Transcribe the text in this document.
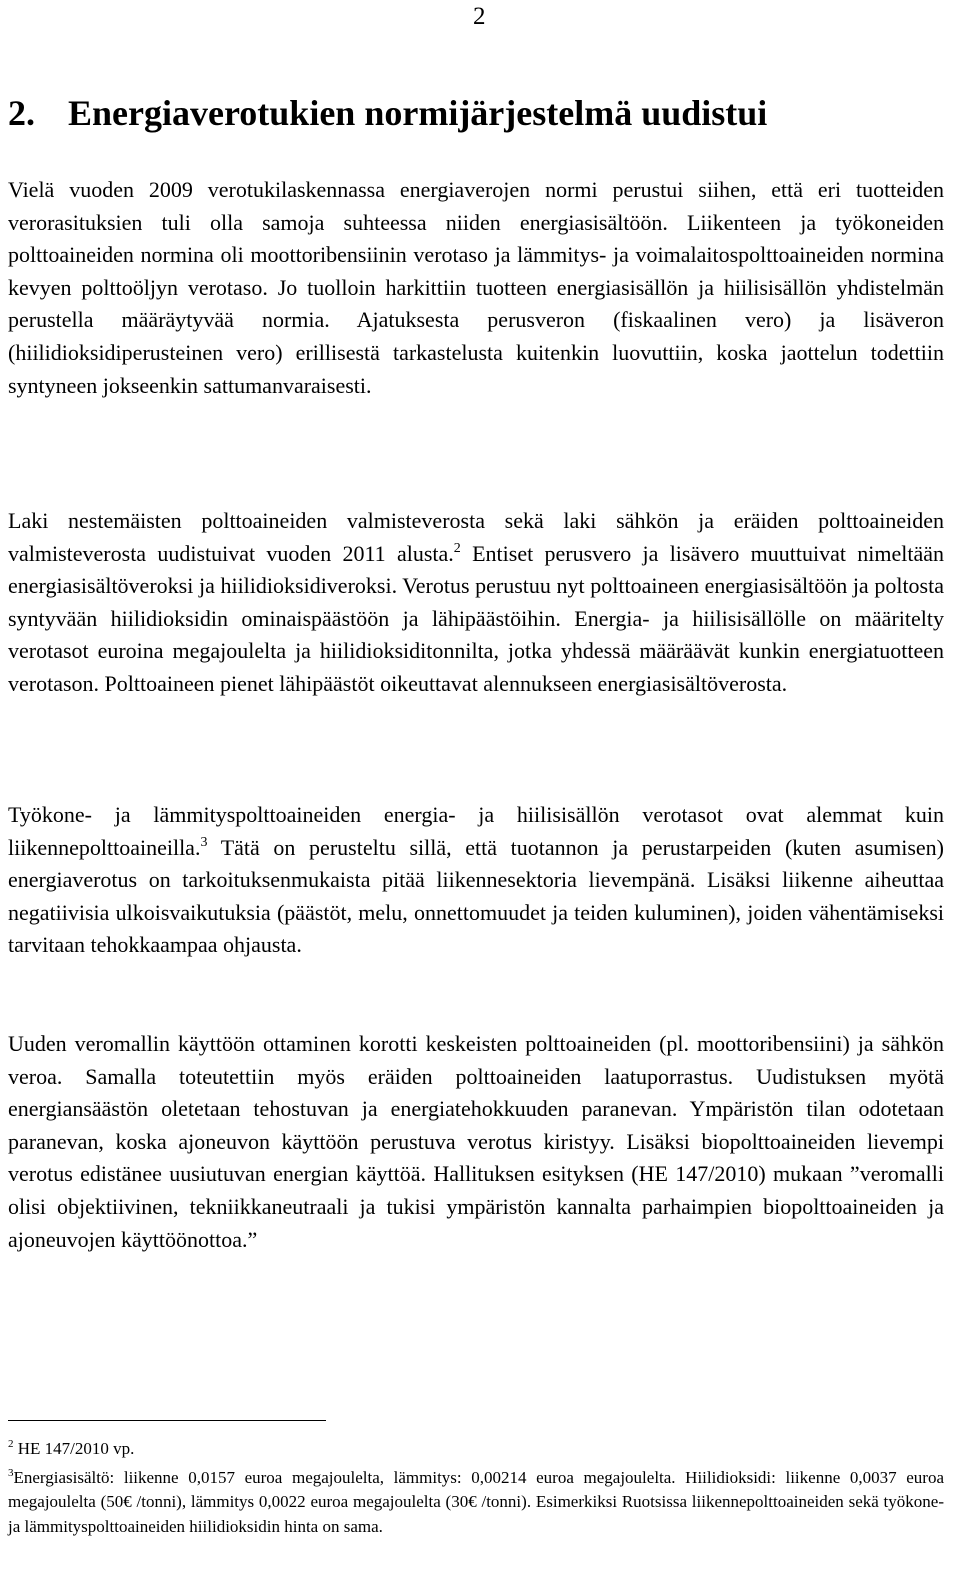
2
2. Energiaverotukien normijärjestelmä uudistui

Vielä vuoden 2009 verotukilaskennassa energiaverojen normi perustui siihen, että eri tuotteiden verorasituksien tuli olla samoja suhteessa niiden energiasisältöön. Liikenteen ja työkoneiden polttoaineiden normina oli moottoribensiinin verotaso ja lämmitys- ja voimalaitospolttoaineiden normina kevyen polttoöljyn verotaso. Jo tuolloin harkittiin tuotteen energiasisällön ja hiilisisällön yhdistelmän perustella määräytyvää normia. Ajatuksesta perusveron (fiskaalinen vero) ja lisäveron (hiilidioksidiperusteinen vero) erillisestä tarkastelusta kuitenkin luovuttiin, koska jaottelun todettiin syntyneen jokseenkin sattumanvaraisesti.

Laki nestemäisten polttoaineiden valmisteverosta sekä laki sähkön ja eräiden polttoaineiden valmisteverosta uudistuivat vuoden 2011 alusta.$^2$ Entiset perusvero ja lisävero muuttuivat nimeltään energiasisältöveroksi ja hiilidioksidiveroksi. Verotus perustuu nyt polttoaineen energiasisältöön ja poltosta syntyvään hiilidioksidin ominaispäästöön ja lähipäästöihin. Energia- ja hiilisisällölle on määritelty verotasot euroina megajoulelta ja hiilidioksiditonnilta, jotka yhdessä määräävät kunkin energiatuotteen verotason. Polttoaineen pienet lähipäästöt oikeuttavat alennukseen energiasisältöverosta.

Työkone- ja lämmityspolttoaineiden energia- ja hiilisisällön verotasot ovat alemmat kuin liikennepolttoaineilla.$^3$ Tätä on perusteltu sillä, että tuotannon ja perustarpeiden (kuten asumisen) energiaverotus on tarkoituksenmukaista pitää liikennesektoria lievempänä. Lisäksi liikenne aiheuttaa negatiivisia ulkoisvaikutuksia (päästöt, melu, onnettomuudet ja teiden kuluminen), joiden vähentämiseksi tarvitaan tehokkaampaa ohjausta.

Uuden veromallin käyttöön ottaminen korotti keskeisten polttoaineiden (pl. moottoribensiini) ja sähkön veroa. Samalla toteutettiin myös eräiden polttoaineiden laatuporrastus. Uudistuksen myötä energiansäästön oletetaan tehostuvan ja energiatehokkuuden paranevan. Ympäristön tilan odotetaan paranevan, koska ajoneuvon käyttöön perustuva verotus kiristyy. Lisäksi biopolttoaineiden lievempi verotus edistänee uusiutuvan energian käyttöä. Hallituksen esityksen (HE 147/2010) mukaan ”veromalli olisi objektiivinen, tekniikkaneutraali ja tukisi ympäristön kannalta parhaimpien biopolttoaineiden ja ajoneuvojen käyttöönottoa.”

$^2$ HE 147/2010 vp.

$^3$Energiasisältö: liikenne 0,0157 euroa megajoulelta, lämmitys: 0,00214 euroa megajoulelta. Hiilidioksidi: liikenne 0,0037 euroa megajoulelta (50€ /tonni), lämmitys 0,0022 euroa megajoulelta (30€ /tonni). Esimerkiksi Ruotsissa liikennepolttoaineiden sekä työkone- ja lämmityspolttoaineiden hiilidioksidin hinta on sama.
